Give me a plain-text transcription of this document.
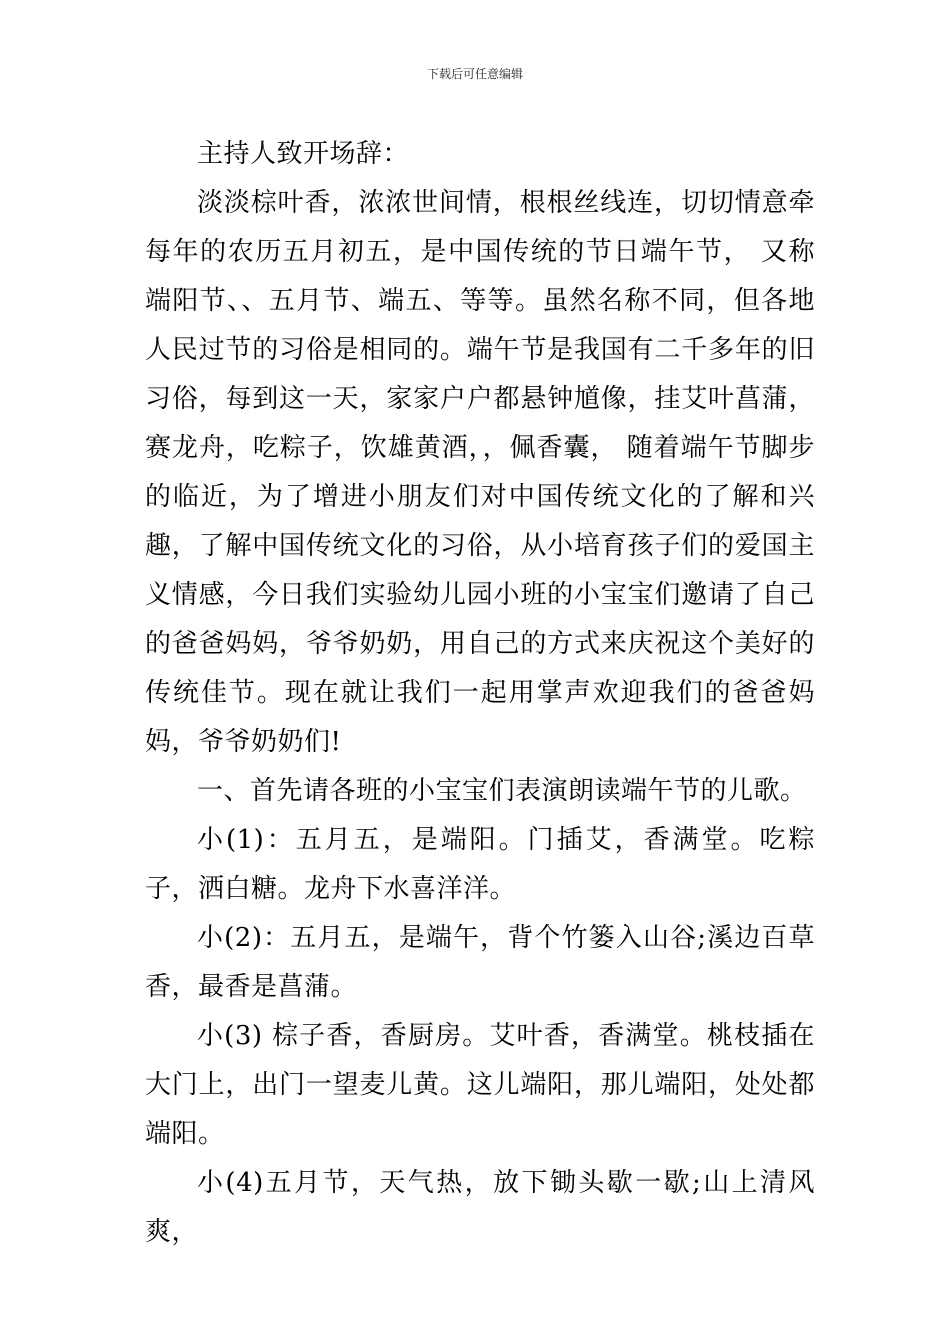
下载后可任意编辑

主持人致开场辞：

淡淡棕叶香，浓浓世间情，根根丝线连，切切情意牵每年的农历五月初五，是中国传统的节日端午节， 又称端阳节、、五月节、端五、等等。虽然名称不同，但各地人民过节的习俗是相同的。端午节是我国有二千多年的旧习俗，每到这一天，家家户户都悬钟馗像，挂艾叶菖蒲，赛龙舟，吃粽子，饮雄黄酒，，佩香囊， 随着端午节脚步的临近，为了增进小朋友们对中国传统文化的了解和兴趣，了解中国传统文化的习俗，从小培育孩子们的爱国主义情感，今日我们实验幼儿园小班的小宝宝们邀请了自己的爸爸妈妈，爷爷奶奶，用自己的方式来庆祝这个美好的传统佳节。现在就让我们一起用掌声欢迎我们的爸爸妈妈，爷爷奶奶们!

一、首先请各班的小宝宝们表演朗读端午节的儿歌。

小(1)：五月五，是端阳。门插艾，香满堂。吃粽子，洒白糖。龙舟下水喜洋洋。

小(2)：五月五，是端午，背个竹篓入山谷;溪边百草香，最香是菖蒲。

小(3) 棕子香，香厨房。艾叶香，香满堂。桃枝插在大门上，出门一望麦儿黄。这儿端阳，那儿端阳，处处都端阳。

小(4)五月节，天气热，放下锄头歇一歇;山上清风爽，
